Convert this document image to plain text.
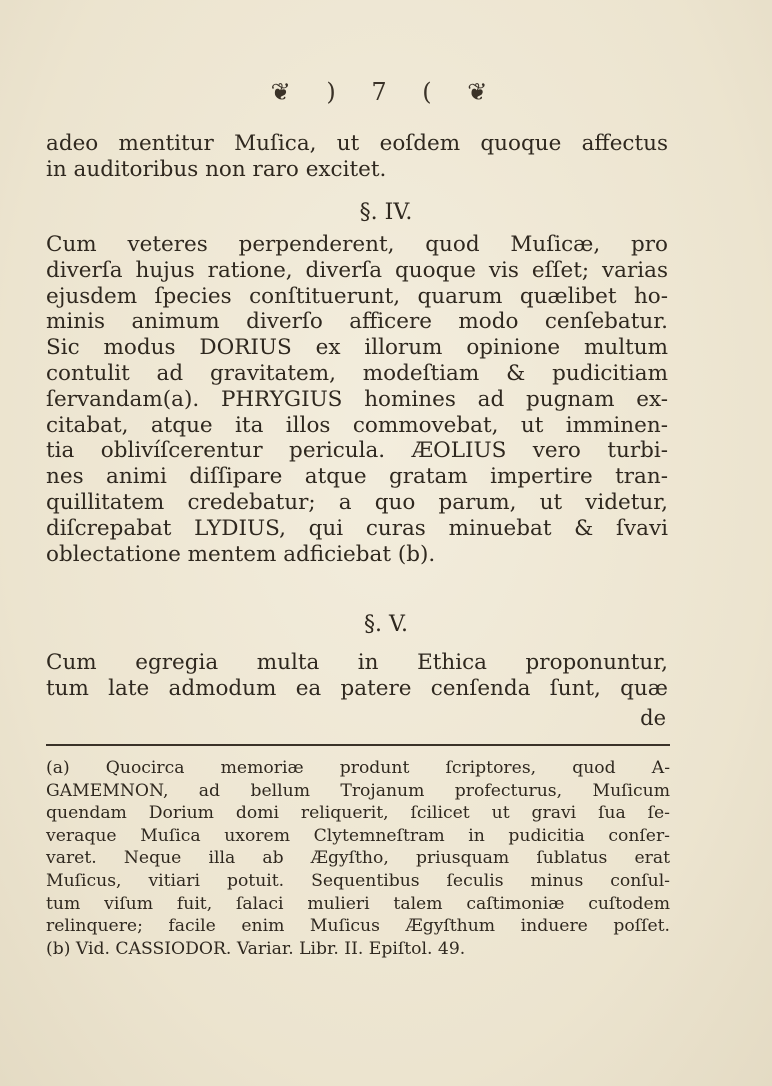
❦ ) 7 ( ❦
adeo mentitur Muſica, ut eoſdem quoque affectus
in auditoribus non raro excitet.
§. IV.
Cum veteres perpenderent, quod Muſicæ, pro
diverſa hujus ratione, diverſa quoque vis eſſet; varias
ejusdem ſpecies conſtituerunt, quarum quælibet ho-
minis animum diverſo afficere modo cenſebatur.
Sic modus DORIUS ex illorum opinione multum
contulit ad gravitatem, modeſtiam & pudicitiam
ſervandam(a). PHRYGIUS homines ad pugnam ex-
citabat, atque ita illos commovebat, ut imminen-
tia oblivíſcerentur pericula. ÆOLIUS vero turbi-
nes animi diſſipare atque gratam impertire tran-
quillitatem credebatur; a quo parum, ut videtur,
diſcrepabat LYDIUS, qui curas minuebat & ſvavi
oblectatione mentem adficiebat (b).
§. V.
Cum egregia multa in Ethica proponuntur,
tum late admodum ea patere cenſenda ſunt, quæ
de
(a) Quocirca memoriæ produnt ſcriptores, quod A-
GAMEMNON, ad bellum Trojanum profecturus, Muſicum
quendam Dorium domi reliquerit, ſcilicet ut gravi ſua ſe-
veraque Muſica uxorem Clytemneſtram in pudicitia conſer-
varet. Neque illa ab Ægyſtho, priusquam ſublatus erat
Muſicus, vitiari potuit. Sequentibus ſeculis minus conſul-
tum viſum fuit, ſalaci mulieri talem caſtimoniæ cuſtodem
relinquere; facile enim Muſicus Ægyſthum induere poſſet.
(b) Vid. CASSIODOR. Variar. Libr. II. Epiſtol. 49.
